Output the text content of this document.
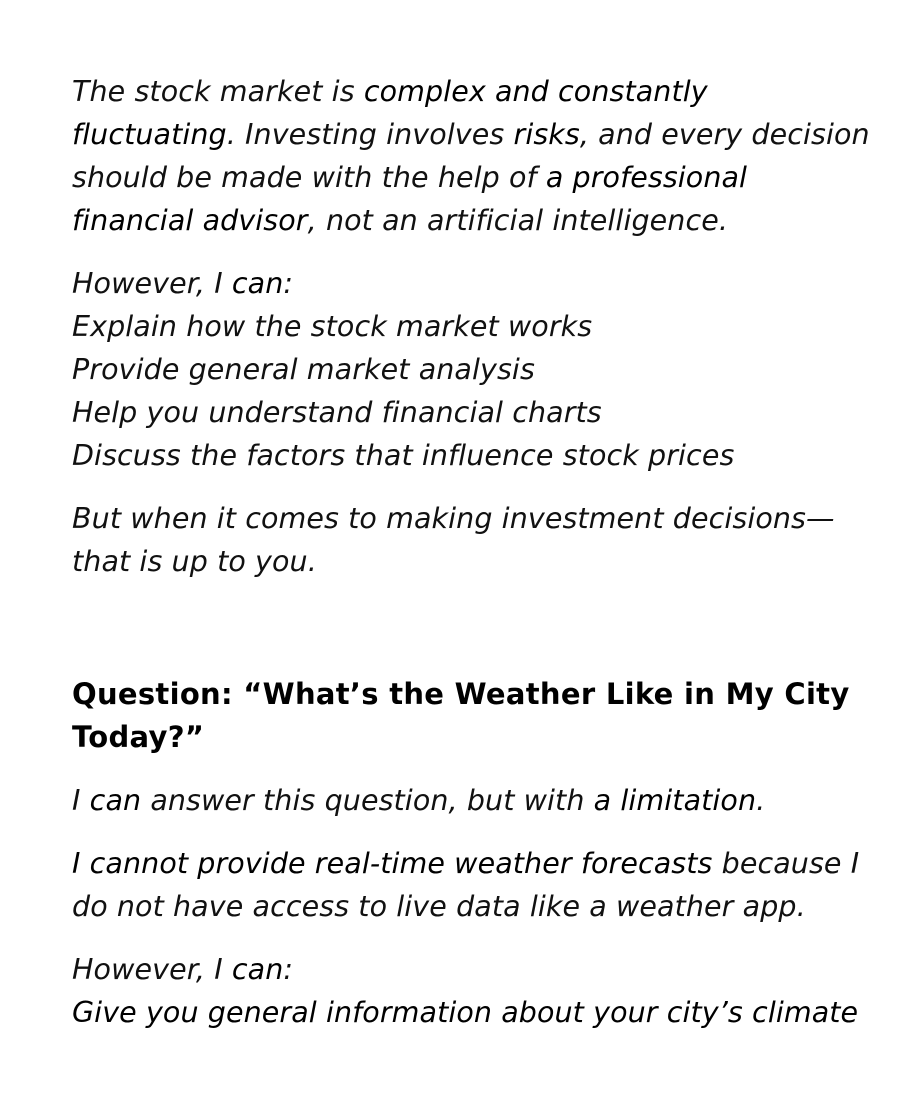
The stock market is complex and constantly fluctuating. Investing involves risks, and every decision should be made with the help of a professional financial advisor, not an artificial intelligence.

However, I can:

Explain how the stock market works

Provide general market analysis

Help you understand financial charts

Discuss the factors that influence stock prices

But when it comes to making investment decisions—

that is up to you.

Question: “What’s the Weather Like in My City Today?”

I can answer this question, but with a limitation.

I cannot provide real-time weather forecasts because I do not have access to live data like a weather app.

However, I can:

Give you general information about your city’s climate
